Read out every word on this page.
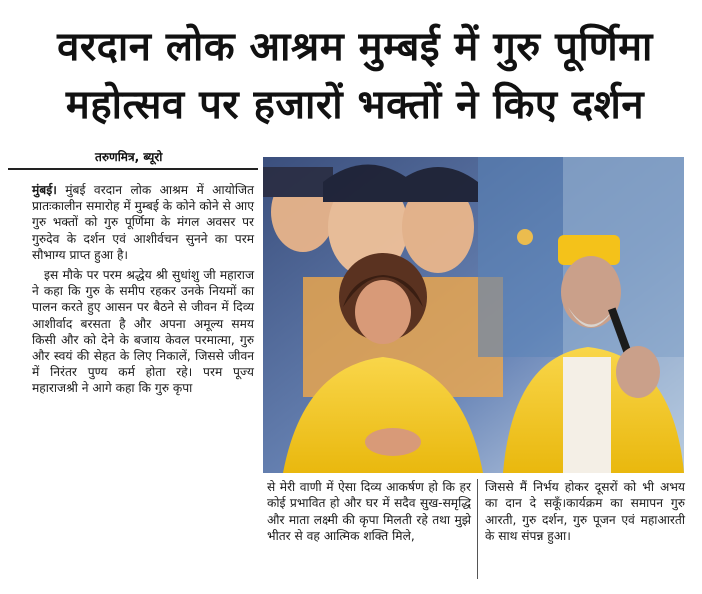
वरदान लोक आश्रम मुम्बई में गुरु पूर्णिमा
महोत्सव पर हजारों भक्तों ने किए दर्शन
तरुणमित्र, ब्यूरो

मुंबई। मुंबई वरदान लोक आश्रम में आयोजित प्रातःकालीन समारोह में मुम्बई के कोने कोने से आए गुरु भक्तों को गुरु पूर्णिमा के मंगल अवसर पर गुरुदेव के दर्शन एवं आशीर्वचन सुनने का परम सौभाग्य प्राप्त हुआ है।

इस मौके पर परम श्रद्धेय श्री सुधांशु जी महाराज ने कहा कि गुरु के समीप रहकर उनके नियमों का पालन करते हुए आसन पर बैठने से जीवन में दिव्य आशीर्वाद बरसता है और अपना अमूल्य समय किसी और को देने के बजाय केवल परमात्मा, गुरु और स्वयं की सेहत के लिए निकालें, जिससे जीवन में निरंतर पुण्य कर्म होता रहे। परम पूज्य महाराजश्री ने आगे कहा कि गुरु कृपा

से मेरी वाणी में ऐसा दिव्य आकर्षण हो कि हर कोई प्रभावित हो और घर में सदैव सुख-समृद्धि और माता लक्ष्मी की कृपा मिलती रहे तथा मुझे भीतर से वह आत्मिक शक्ति मिले,
जिससे मैं निर्भय होकर दूसरों को भी अभय का दान दे सकूँ।कार्यक्रम का समापन गुरु आरती, गुरु दर्शन, गुरु पूजन एवं महाआरती के साथ संपन्न हुआ।
